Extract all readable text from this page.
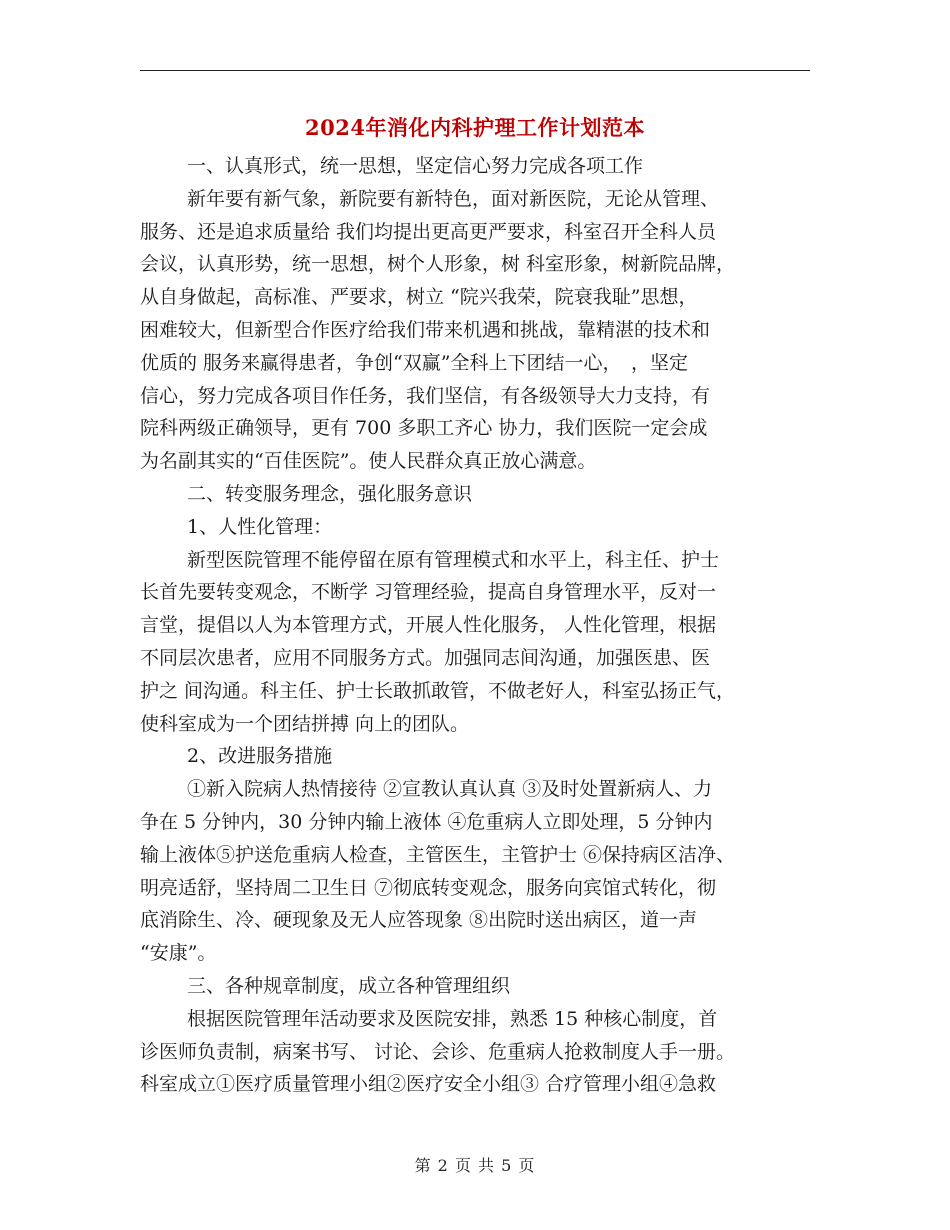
2024年消化内科护理工作计划范本
一、认真形式，统一思想，坚定信心努力完成各项工作
新年要有新气象，新院要有新特色，面对新医院，无论从管理、
服务、还是追求质量给 我们均提出更高更严要求，科室召开全科人员
会议，认真形势，统一思想，树个人形象，树 科室形象，树新院品牌，
从自身做起，高标准、严要求，树立 “院兴我荣，院衰我耻”思想，
困难较大，但新型合作医疗给我们带来机遇和挑战，靠精湛的技术和
优质的 服务来赢得患者，争创“双赢”全科上下团结一心，　，坚定
信心，努力完成各项目作任务，我们坚信，有各级领导大力支持，有
院科两级正确领导，更有 700 多职工齐心 协力，我们医院一定会成
为名副其实的“百佳医院”。使人民群众真正放心满意。
二、转变服务理念，强化服务意识
1、人性化管理：
新型医院管理不能停留在原有管理模式和水平上，科主任、护士
长首先要转变观念，不断学 习管理经验，提高自身管理水平，反对一
言堂，提倡以人为本管理方式，开展人性化服务， 人性化管理，根据
不同层次患者，应用不同服务方式。加强同志间沟通，加强医患、医
护之 间沟通。科主任、护士长敢抓敢管，不做老好人，科室弘扬正气，
使科室成为一个团结拼搏 向上的团队。
2、改进服务措施
①新入院病人热情接待 ②宣教认真认真 ③及时处置新病人、力
争在 5 分钟内，30 分钟内输上液体 ④危重病人立即处理，5 分钟内
输上液体⑤护送危重病人检查，主管医生，主管护士 ⑥保持病区洁净、
明亮适舒，坚持周二卫生日 ⑦彻底转变观念，服务向宾馆式转化，彻
底消除生、冷、硬现象及无人应答现象 ⑧出院时送出病区，道一声
“安康”。
三、各种规章制度，成立各种管理组织
根据医院管理年活动要求及医院安排，熟悉 15 种核心制度，首
诊医师负责制，病案书写、 讨论、会诊、危重病人抢救制度人手一册。
科室成立①医疗质量管理小组②医疗安全小组③ 合疗管理小组④急救
第 2 页 共 5 页
